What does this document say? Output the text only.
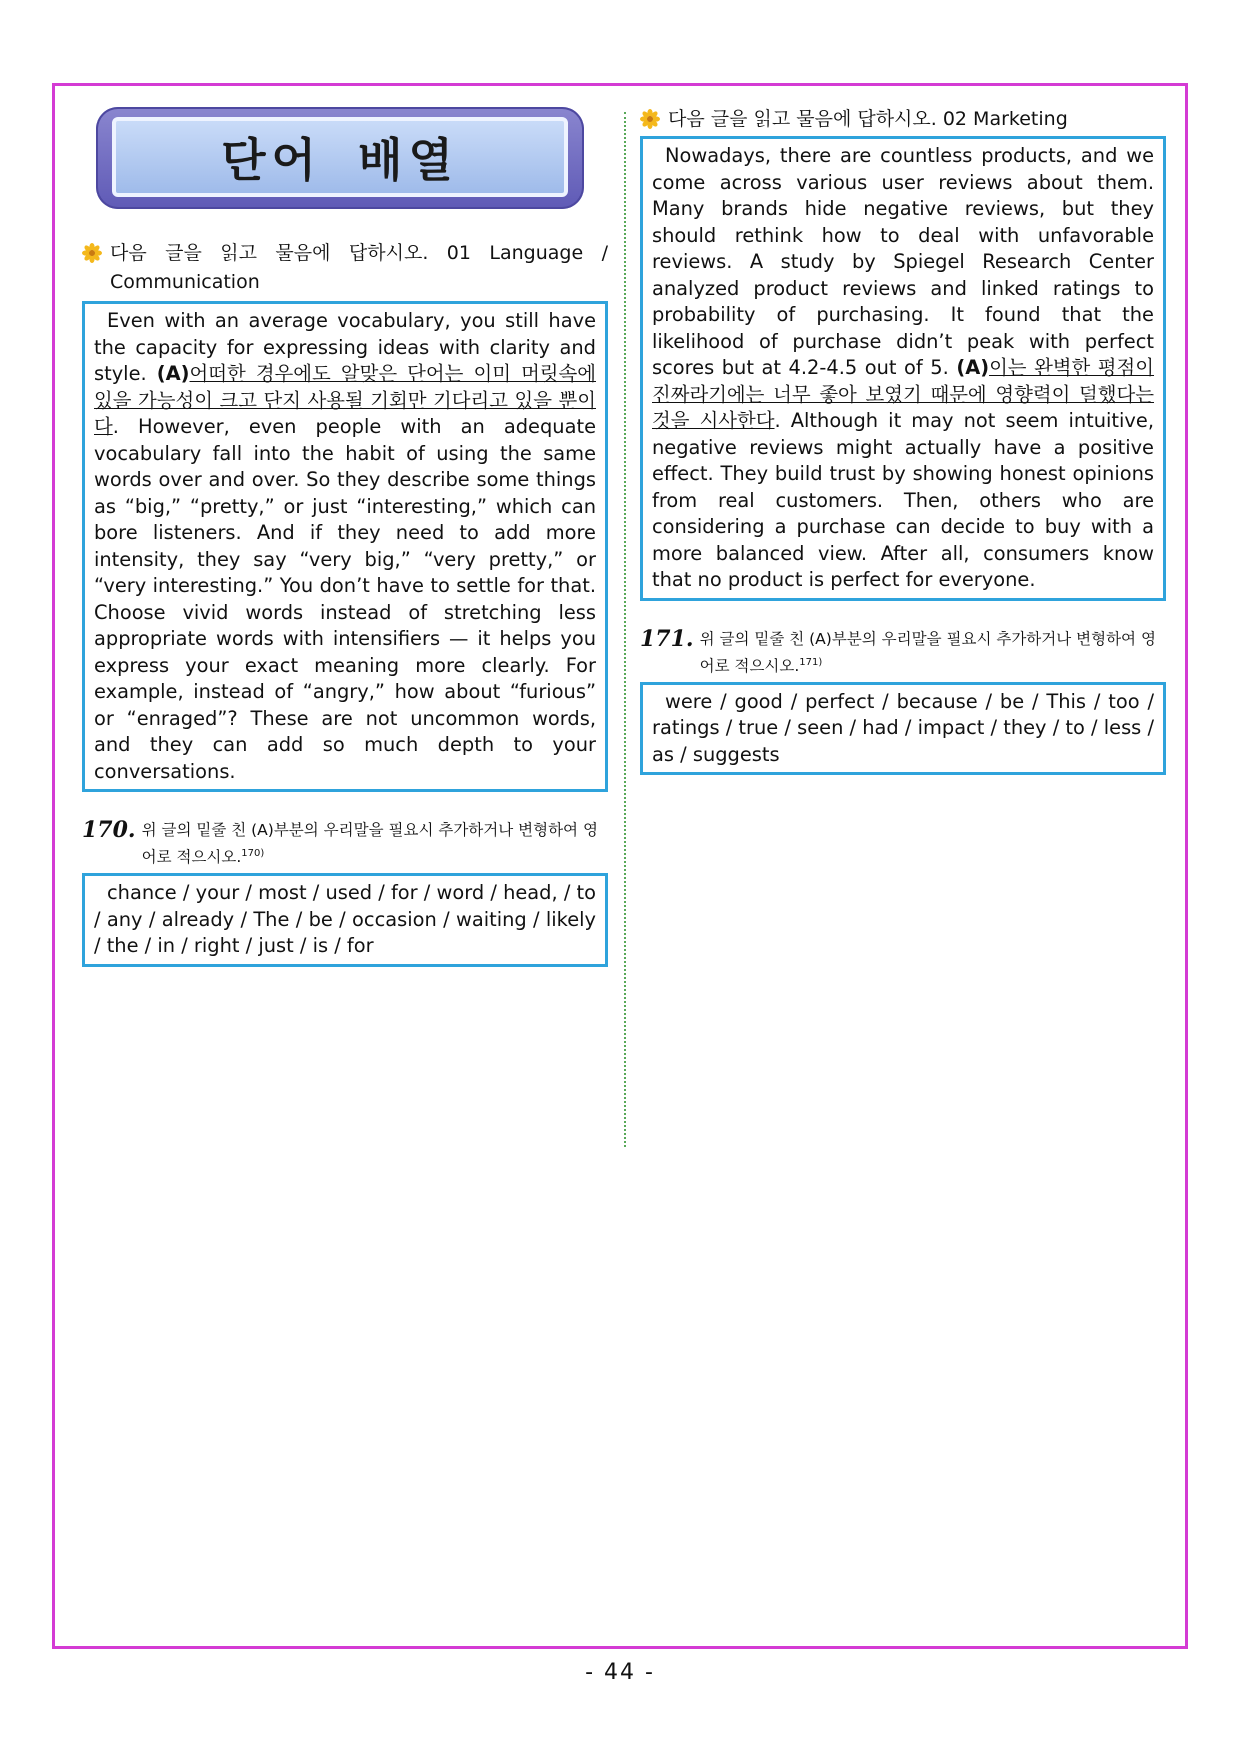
단어 배열
다음 글을 읽고 물음에 답하시오. 01 Language / Communication

Even with an average vocabulary, you still have the capacity for expressing ideas with clarity and style. (A)어떠한 경우에도 알맞은 단어는 이미 머릿속에 있을 가능성이 크고 단지 사용될 기회만 기다리고 있을 뿐이다. However, even people with an adequate vocabulary fall into the habit of using the same words over and over. So they describe some things as “big,” “pretty,” or just “interesting,” which can bore listeners. And if they need to add more intensity, they say “very big,” “very pretty,” or “very interesting.” You don’t have to settle for that. Choose vivid words instead of stretching less appropriate words with intensifiers — it helps you express your exact meaning more clearly. For example, instead of “angry,” how about “furious” or “enraged”? These are not uncommon words, and they can add so much depth to your conversations.

170. 위 글의 밑줄 친 (A)부분의 우리말을 필요시 추가하거나 변형하여 영어로 적으시오.$^{170)}$

chance / your / most / used / for / word / head, / to / any / already / The / be / occasion / waiting / likely / the / in / right / just / is / for

다음 글을 읽고 물음에 답하시오. 02 Marketing

Nowadays, there are countless products, and we come across various user reviews about them. Many brands hide negative reviews, but they should rethink how to deal with unfavorable reviews. A study by Spiegel Research Center analyzed product reviews and linked ratings to probability of purchasing. It found that the likelihood of purchase didn’t peak with perfect scores but at 4.2-4.5 out of 5. (A)이는 완벽한 평점이 진짜라기에는 너무 좋아 보였기 때문에 영향력이 덜했다는 것을 시사한다. Although it may not seem intuitive, negative reviews might actually have a positive effect. They build trust by showing honest opinions from real customers. Then, others who are considering a purchase can decide to buy with a more balanced view. After all, consumers know that no product is perfect for everyone.

171. 위 글의 밑줄 친 (A)부분의 우리말을 필요시 추가하거나 변형하여 영어로 적으시오.$^{171)}$

were / good / perfect / because / be / This / too / ratings / true / seen / had / impact / they / to / less / as / suggests

- 44 -
